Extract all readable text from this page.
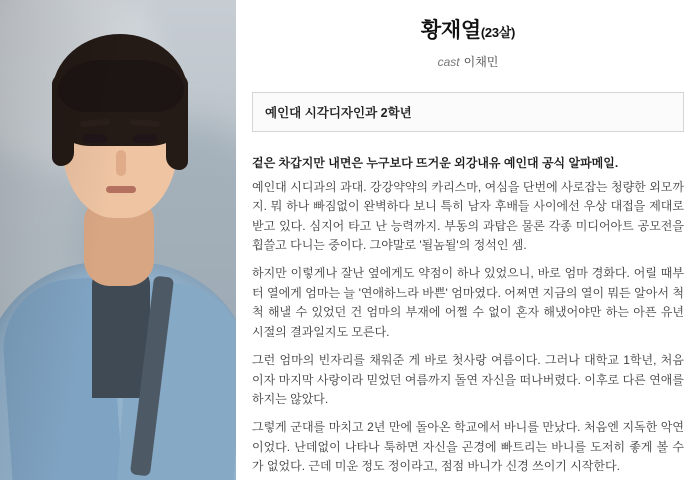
황재열(23살)
cast 이채민
예인대 시각디자인과 2학년

겉은 차갑지만 내면은 누구보다 뜨거운 외강내유 예인대 공식 알파메일.

예인대 시디과의 과대. 강강약약의 카리스마, 여심을 단번에 사로잡는 청량한 외모까지. 뭐 하나 빠짐없이 완벽하다 보니 특히 남자 후배들 사이에선 우상 대접을 제대로 받고 있다. 심지어 타고 난 능력까지. 부동의 과탑은 물론 각종 미디어아트 공모전을 휩쓸고 다니는 중이다. 그야말로 '될놈될'의 정석인 셈.

하지만 이렇게나 잘난 옆에게도 약점이 하나 있었으니, 바로 엄마 경화다. 어릴 때부터 열에게 엄마는 늘 '연애하느라 바쁜' 엄마였다. 어쩌면 지금의 열이 뭐든 알아서 척척 해낼 수 있었던 건 엄마의 부재에 어쩔 수 없이 혼자 해냈어야만 하는 아픈 유년 시절의 결과일지도 모른다.

그런 엄마의 빈자리를 채워준 게 바로 첫사랑 여름이다. 그러나 대학교 1학년, 처음이자 마지막 사랑이라 믿었던 여름까지 돌연 자신을 떠나버렸다. 이후로 다른 연애를 하지는 않았다.

그렇게 군대를 마치고 2년 만에 돌아온 학교에서 바니를 만났다. 처음엔 지독한 악연이었다. 난데없이 나타나 툭하면 자신을 곤경에 빠트리는 바니를 도저히 좋게 볼 수가 없었다. 근데 미운 정도 정이라고, 점점 바니가 신경 쓰이기 시작한다.
